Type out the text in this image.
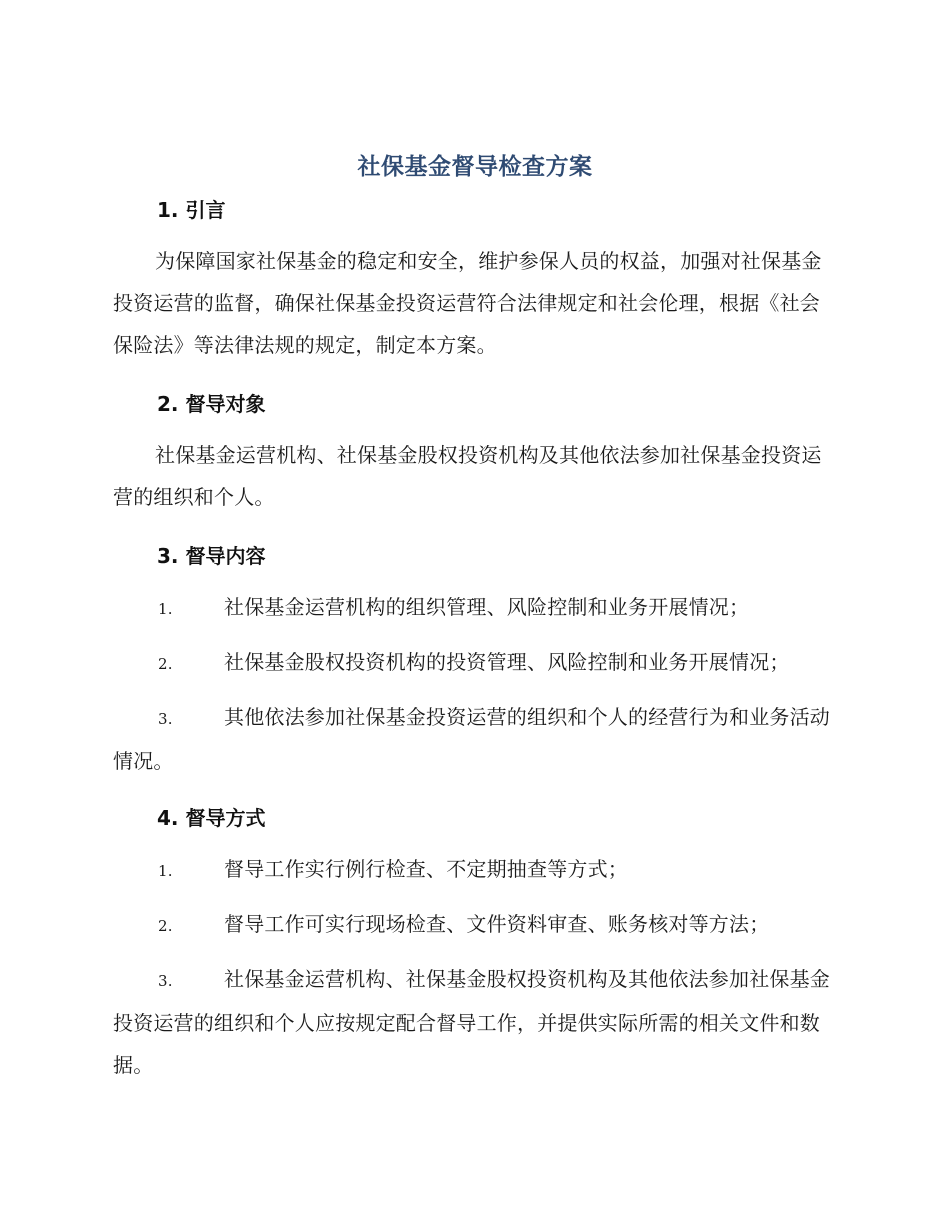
社保基金督导检查方案
1. 引言
为保障国家社保基金的稳定和安全，维护参保人员的权益，加强对社保基金投资运营的监督，确保社保基金投资运营符合法律规定和社会伦理，根据《社会保险法》等法律法规的规定，制定本方案。
2. 督导对象
社保基金运营机构、社保基金股权投资机构及其他依法参加社保基金投资运营的组织和个人。
3. 督导内容
1.	社保基金运营机构的组织管理、风险控制和业务开展情况；
2.	社保基金股权投资机构的投资管理、风险控制和业务开展情况；
3.	其他依法参加社保基金投资运营的组织和个人的经营行为和业务活动情况。
4. 督导方式
1.	督导工作实行例行检查、不定期抽查等方式；
2.	督导工作可实行现场检查、文件资料审查、账务核对等方法；
3.	社保基金运营机构、社保基金股权投资机构及其他依法参加社保基金投资运营的组织和个人应按规定配合督导工作，并提供实际所需的相关文件和数据。
